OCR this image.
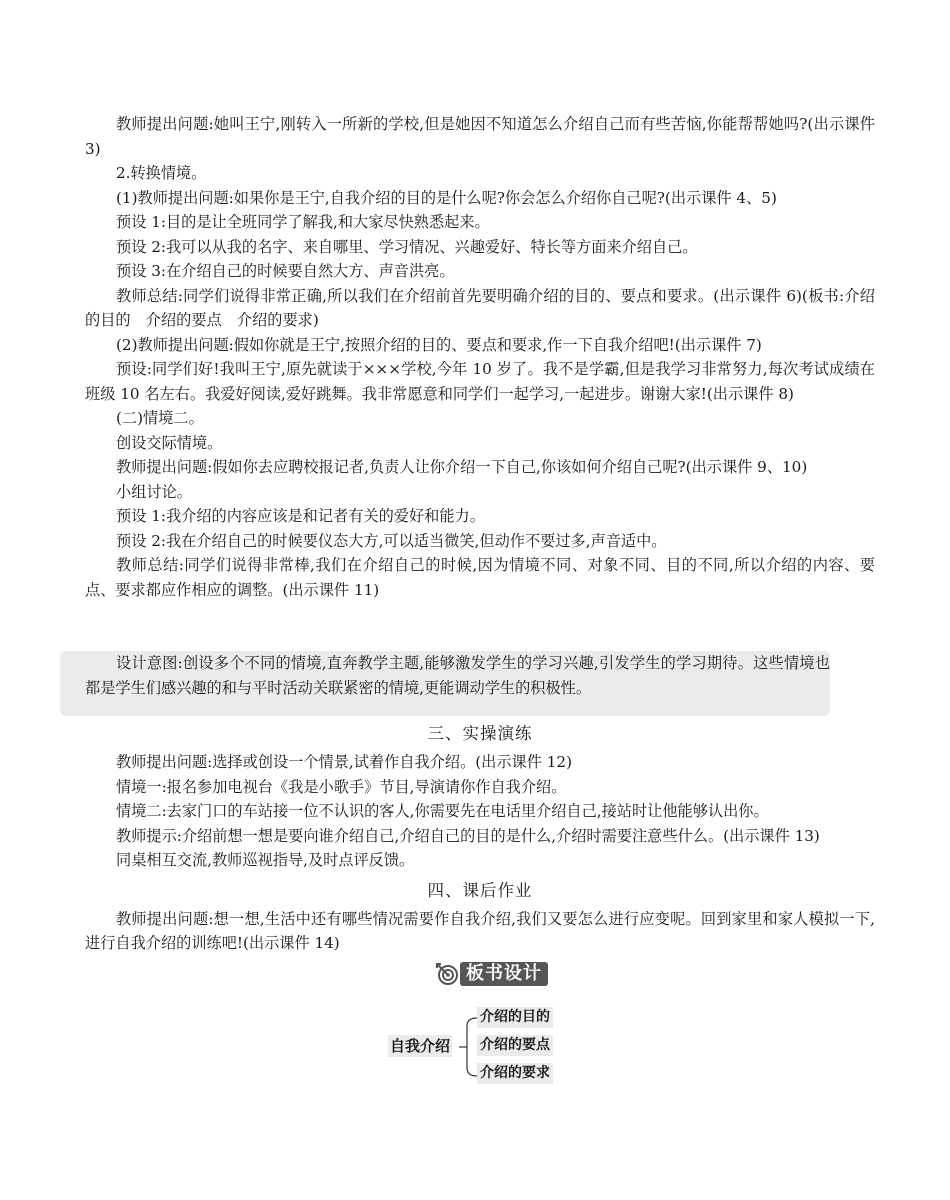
教师提出问题:她叫王宁,刚转入一所新的学校,但是她因不知道怎么介绍自己而有些苦恼,你能帮帮她吗?(出示课件 3)

2.转换情境。

(1)教师提出问题:如果你是王宁,自我介绍的目的是什么呢?你会怎么介绍你自己呢?(出示课件 4、5)

预设 1:目的是让全班同学了解我,和大家尽快熟悉起来。

预设 2:我可以从我的名字、来自哪里、学习情况、兴趣爱好、特长等方面来介绍自己。

预设 3:在介绍自己的时候要自然大方、声音洪亮。

教师总结:同学们说得非常正确,所以我们在介绍前首先要明确介绍的目的、要点和要求。(出示课件 6)(板书:介绍的目的　介绍的要点　介绍的要求)

(2)教师提出问题:假如你就是王宁,按照介绍的目的、要点和要求,作一下自我介绍吧!(出示课件 7)

预设:同学们好!我叫王宁,原先就读于×××学校,今年 10 岁了。我不是学霸,但是我学习非常努力,每次考试成绩在班级 10 名左右。我爱好阅读,爱好跳舞。我非常愿意和同学们一起学习,一起进步。谢谢大家!(出示课件 8)

(二)情境二。

创设交际情境。

教师提出问题:假如你去应聘校报记者,负责人让你介绍一下自己,你该如何介绍自己呢?(出示课件 9、10)

小组讨论。

预设 1:我介绍的内容应该是和记者有关的爱好和能力。

预设 2:我在介绍自己的时候要仪态大方,可以适当微笑,但动作不要过多,声音适中。

教师总结:同学们说得非常棒,我们在介绍自己的时候,因为情境不同、对象不同、目的不同,所以介绍的内容、要点、要求都应作相应的调整。(出示课件 11)

设计意图:创设多个不同的情境,直奔教学主题,能够激发学生的学习兴趣,引发学生的学习期待。这些情境也都是学生们感兴趣的和与平时活动关联紧密的情境,更能调动学生的积极性。

三、实操演练

教师提出问题:选择或创设一个情景,试着作自我介绍。(出示课件 12)

情境一:报名参加电视台《我是小歌手》节目,导演请你作自我介绍。

情境二:去家门口的车站接一位不认识的客人,你需要先在电话里介绍自己,接站时让他能够认出你。

教师提示:介绍前想一想是要向谁介绍自己,介绍自己的目的是什么,介绍时需要注意些什么。(出示课件 13)

同桌相互交流,教师巡视指导,及时点评反馈。

四、课后作业

教师提出问题:想一想,生活中还有哪些情况需要作自我介绍,我们又要怎么进行应变呢。回到家里和家人模拟一下,进行自我介绍的训练吧!(出示课件 14)

板书设计
自我介绍
介绍的目的
介绍的要点
介绍的要求
